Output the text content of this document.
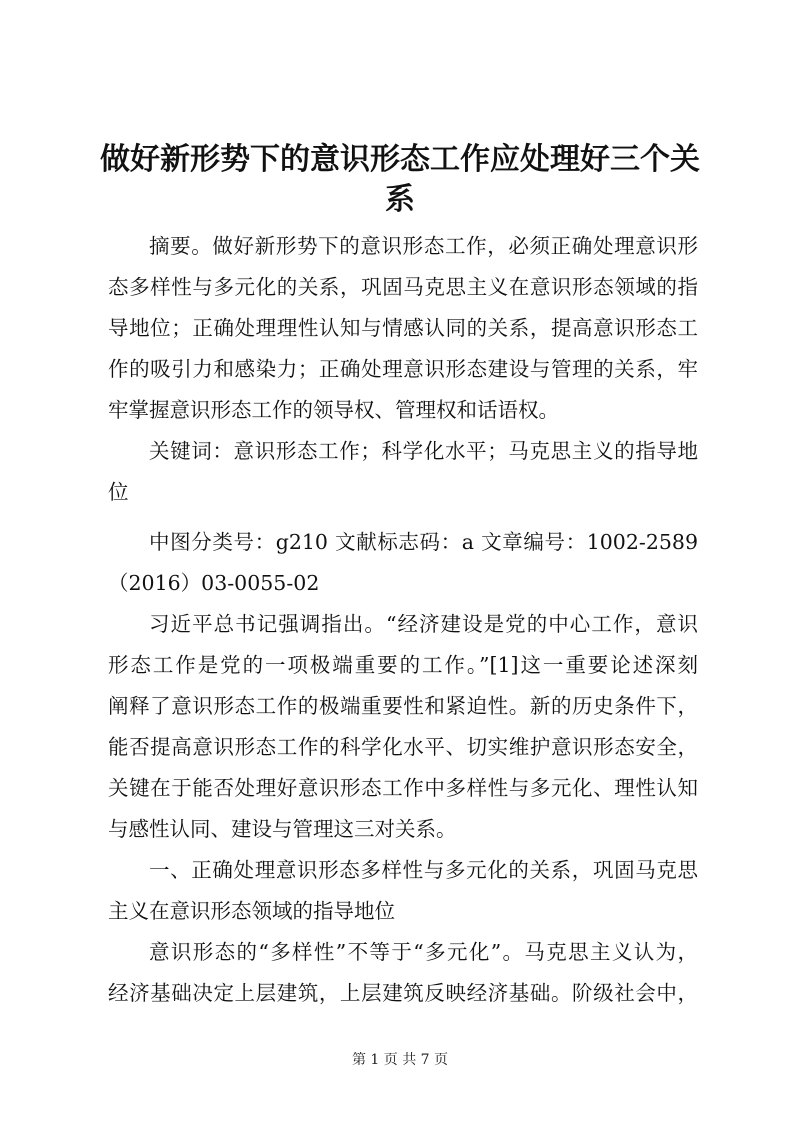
做好新形势下的意识形态工作应处理好三个关
系
摘要。做好新形势下的意识形态工作，必须正确处理意识形
态多样性与多元化的关系，巩固马克思主义在意识形态领域的指
导地位；正确处理理性认知与情感认同的关系，提高意识形态工
作的吸引力和感染力；正确处理意识形态建设与管理的关系，牢
牢掌握意识形态工作的领导权、管理权和话语权。
关键词：意识形态工作；科学化水平；马克思主义的指导地
位
中图分类号：g210 文献标志码：a 文章编号：1002-2589
（2016）03-0055-02
习近平总书记强调指出。“经济建设是党的中心工作，意识
形态工作是党的一项极端重要的工作。”[1]这一重要论述深刻
阐释了意识形态工作的极端重要性和紧迫性。新的历史条件下，
能否提高意识形态工作的科学化水平、切实维护意识形态安全，
关键在于能否处理好意识形态工作中多样性与多元化、理性认知
与感性认同、建设与管理这三对关系。
一、正确处理意识形态多样性与多元化的关系，巩固马克思
主义在意识形态领域的指导地位
意识形态的“多样性”不等于“多元化”。马克思主义认为，
经济基础决定上层建筑，上层建筑反映经济基础。阶级社会中，
第 1 页 共 7 页
